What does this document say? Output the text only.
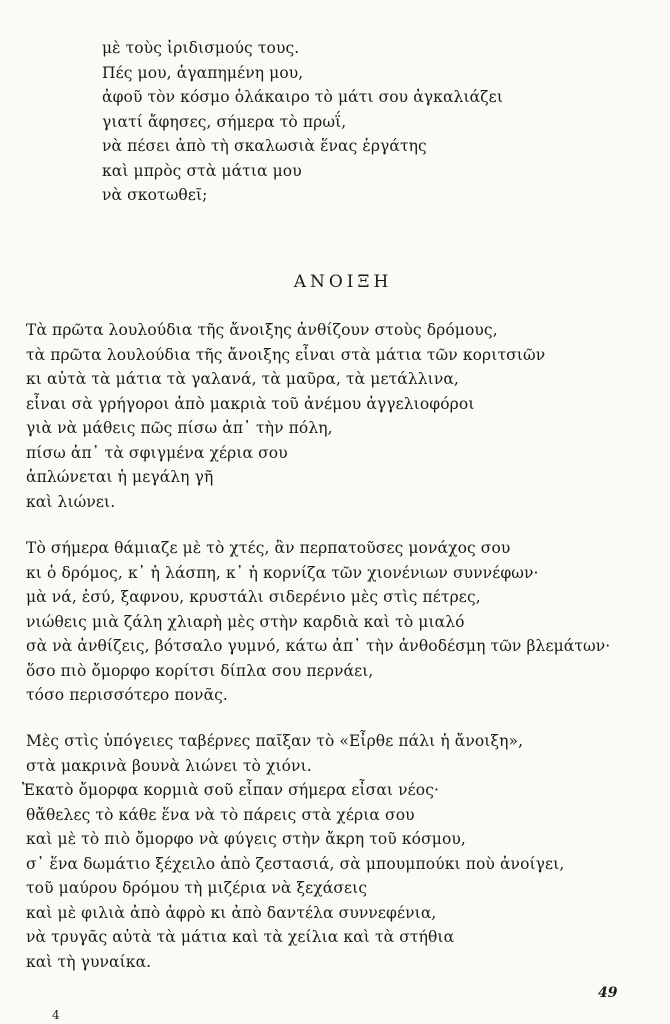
μὲ τοὺς ἰριδισμούς τους.
Πές μου, ἀγαπημένη μου,
ἀφοῦ τὸν κόσμο ὁλάκαιρο τὸ μάτι σου ἀγκαλιάζει
γιατί ἄφησες, σήμερα τὸ πρωΐ,
νὰ πέσει ἀπὸ τὴ σκαλωσιὰ ἕνας ἐργάτης
καὶ μπρὸς στὰ μάτια μου
νὰ σκοτωθεῖ;
ΑΝΟΙΞΗ
Τὰ πρῶτα λουλούδια τῆς ἄνοιξης ἀνθίζουν στοὺς δρόμους,
τὰ πρῶτα λουλούδια τῆς ἄνοιξης εἶναι στὰ μάτια τῶν κοριτσιῶν
κι αὐτὰ τὰ μάτια τὰ γαλανά, τὰ μαῦρα, τὰ μετάλλινα,
εἶναι σὰ γρήγοροι ἀπὸ μακριὰ τοῦ ἀνέμου ἀγγελιοφόροι
γιὰ νὰ μάθεις πῶς πίσω ἀπ᾿ τὴν πόλη,
πίσω ἀπ᾿ τὰ σφιγμένα χέρια σου
ἁπλώνεται ἡ μεγάλη γῆ
καὶ λιώνει.
Τὸ σήμερα θάμιαζε μὲ τὸ χτές, ἂν περπατοῦσες μονάχος σου
κι ὁ δρόμος, κ᾿ ἡ λάσπη, κ᾿ ἡ κορνίζα τῶν χιονένιων συννέφων·
μὰ νά, ἐσύ, ξαφνου, κρυστάλι σιδερένιο μὲς στὶς πέτρες,
νιώθεις μιὰ ζάλη χλιαρὴ μὲς στὴν καρδιὰ καὶ τὸ μιαλό
σὰ νὰ ἀνθίζεις, βότσαλο γυμνό, κάτω ἀπ᾿ τὴν ἀνθοδέσμη τῶν βλεμάτων·
ὅσο πιὸ ὄμορφο κορίτσι δίπλα σου περνάει,
τόσο περισσότερο πονᾶς.
Μὲς στὶς ὑπόγειες ταβέρνες παῖξαν τὸ «Εἶρθε πάλι ἡ ἄνοιξη»,
στὰ μακρινὰ βουνὰ λιώνει τὸ χιόνι.
Ἑκατὸ ὄμορφα κορμιὰ σοῦ εἶπαν σήμερα εἶσαι νέος·
θἄθελες τὸ κάθε ἕνα νὰ τὸ πάρεις στὰ χέρια σου
καὶ μὲ τὸ πιὸ ὄμορφο νὰ φύγεις στὴν ἄκρη τοῦ κόσμου,
σ᾿ ἕνα δωμάτιο ξέχειλο ἀπὸ ζεστασιά, σὰ μπουμπούκι ποὺ ἀνοίγει,
τοῦ μαύρου δρόμου τὴ μιζέρια νὰ ξεχάσεις
καὶ μὲ φιλιὰ ἀπὸ ἀφρὸ κι ἀπὸ δαντέλα συννεφένια,
νὰ τρυγᾶς αὐτὰ τὰ μάτια καὶ τὰ χείλια καὶ τὰ στήθια
καὶ τὴ γυναίκα.
49
4
